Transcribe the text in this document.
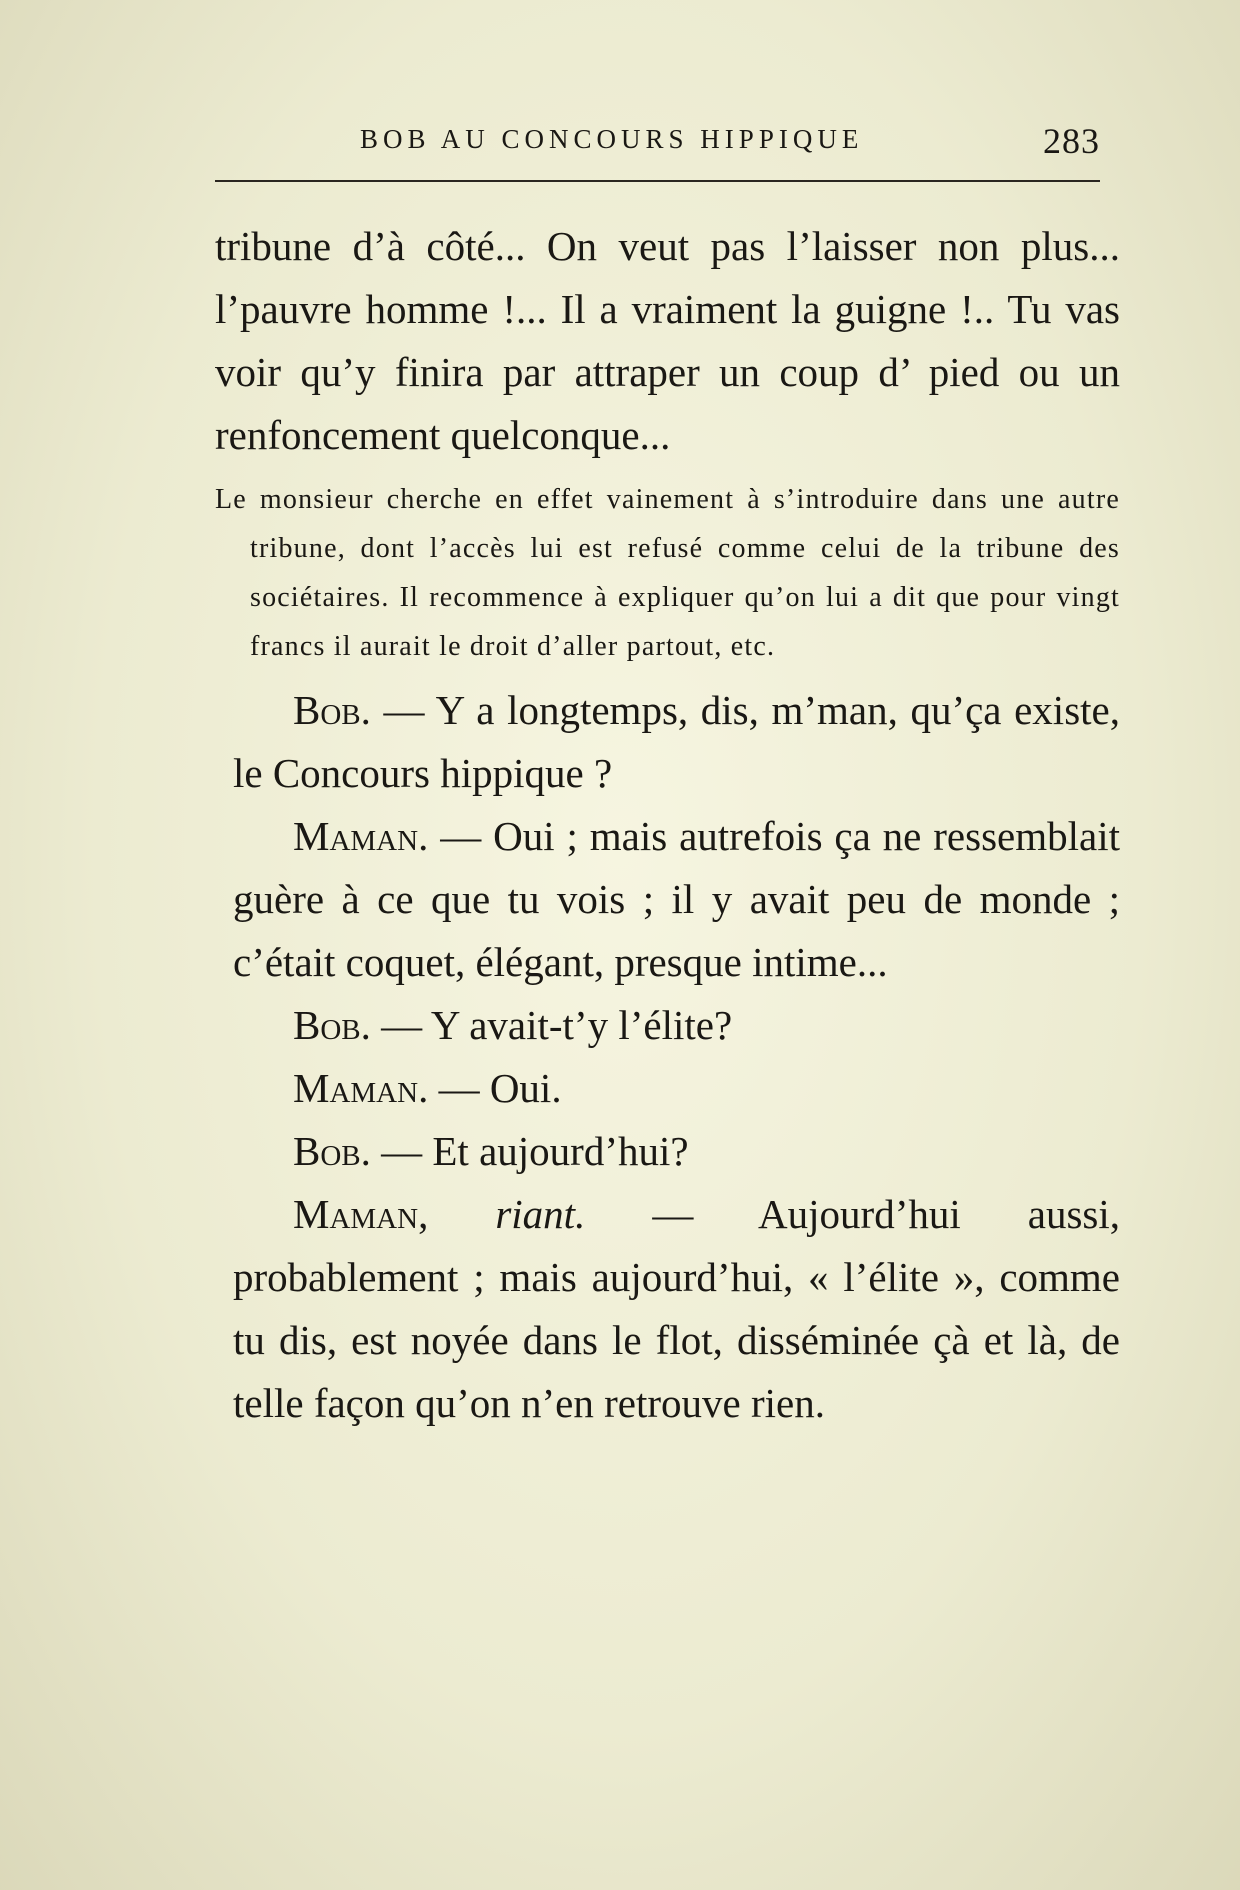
BOB AU CONCOURS HIPPIQUE	283

tribune d’à côté... On veut pas l’laisser non plus... l’pauvre homme !... Il a vraiment la guigne !.. Tu vas voir qu’y finira par attraper un coup d’ pied ou un renfoncement quelconque...

Le monsieur cherche en effet vainement à s’introduire dans une autre tribune, dont l’accès lui est refusé comme celui de la tribune des sociétaires. Il recommence à expliquer qu’on lui a dit que pour vingt francs il aurait le droit d’aller partout, etc.

Bob. — Y a longtemps, dis, m’man, qu’ça existe, le Concours hippique ?

Maman. — Oui ; mais autrefois ça ne ressemblait guère à ce que tu vois ; il y avait peu de monde ; c’était coquet, élégant, presque intime...

Bob. — Y avait-t’y l’élite?

Maman. — Oui.

Bob. — Et aujourd’hui?

Maman, riant. — Aujourd’hui aussi, probablement ; mais aujourd’hui, « l’élite », comme tu dis, est noyée dans le flot, disséminée çà et là, de telle façon qu’on n’en retrouve rien.
